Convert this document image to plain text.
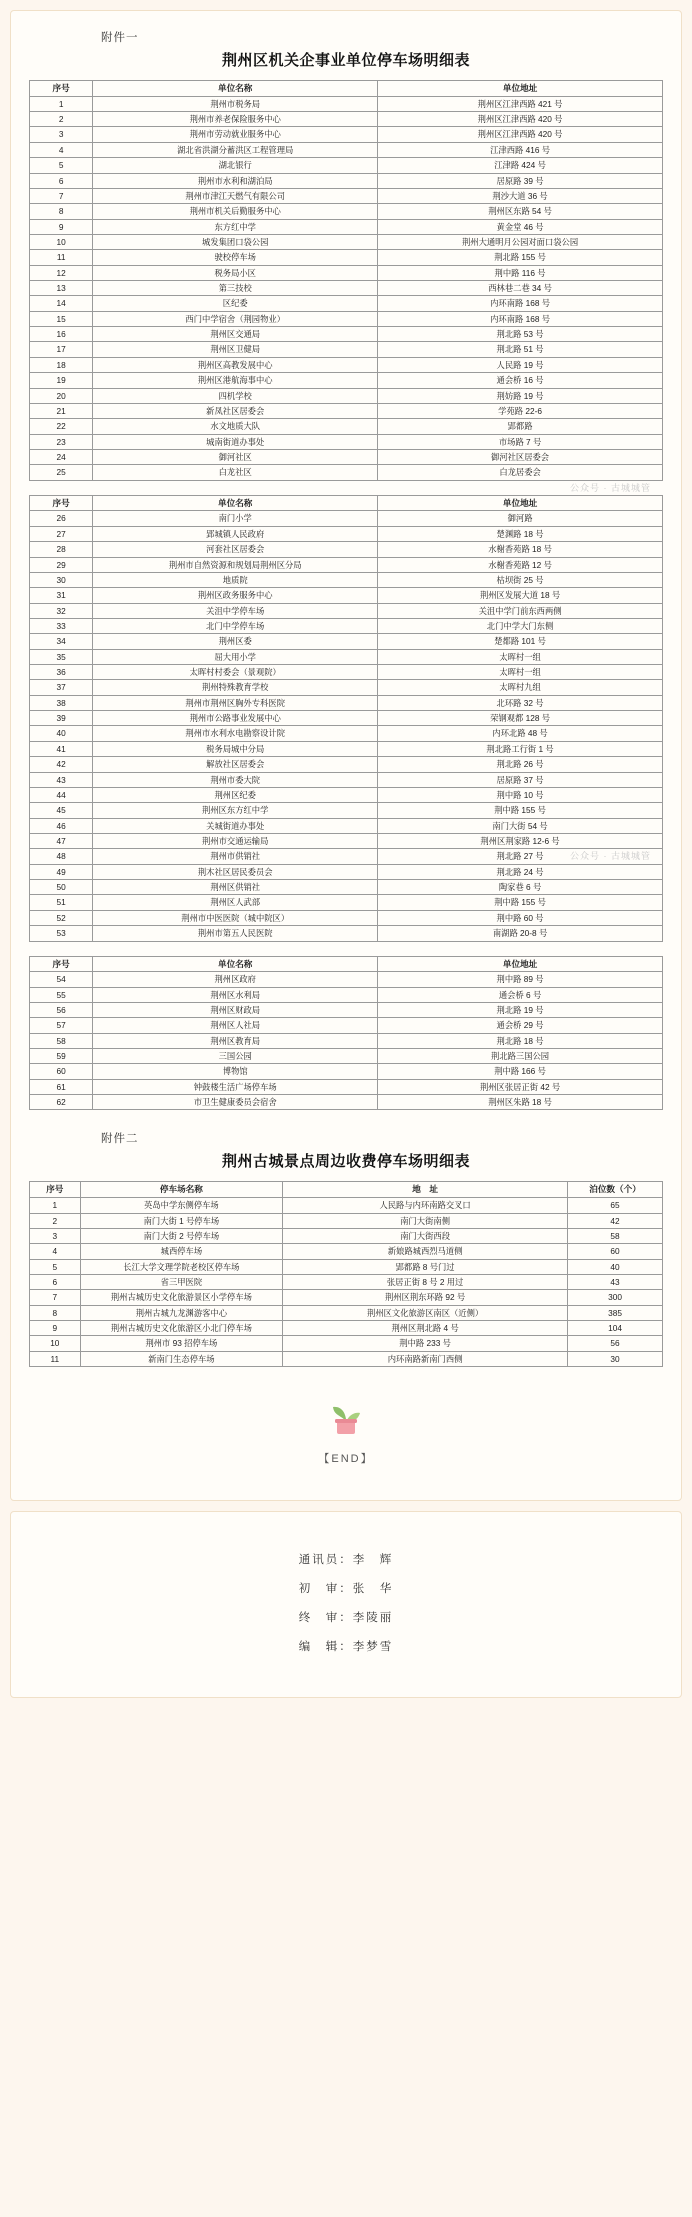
附件一
荆州区机关企事业单位停车场明细表
序号	单位名称	单位地址
1	荆州市税务局	荆州区江津西路 421 号
2	荆州市养老保险服务中心	荆州区江津西路 420 号
3	荆州市劳动就业服务中心	荆州区江津西路 420 号
4	湖北省洪湖分蓄洪区工程管理局	江津西路 416 号
5	湖北银行	江津路 424 号
6	荆州市水利和湖泊局	居原路 39 号
7	荆州市津江天燃气有限公司	荆沙大道 36 号
8	荆州市机关后勤服务中心	荆州区东路 54 号
9	东方红中学	黄金堂 46 号
10	城发集团口袋公园	荆州大通明月公园对面口袋公园
11	驶校停车场	荆北路 155 号
12	税务局小区	荆中路 116 号
13	第三技校	西林巷二巷 34 号
14	区纪委	内环南路 168 号
15	西门中学宿舍（荆园物业）	内环南路 168 号
16	荆州区交通局	荆北路 53 号
17	荆州区卫健局	荆北路 51 号
18	荆州区高教发展中心	人民路 19 号
19	荆州区港航海事中心	通会桥 16 号
20	四机学校	荆妨路 19 号
21	新凤社区居委会	学苑路 22-6
22	水文地质大队	郢都路
23	城南街道办事处	市场路 7 号
24	御河社区	御河社区居委会
25	白龙社区	白龙居委会
序号	单位名称	单位地址
26	南门小学	御河路
27	郢城镇人民政府	楚渊路 18 号
28	河套社区居委会	水榭香苑路 18 号
29	荆州市自然资源和规划局荆州区分局	水榭香苑路 12 号
30	地质院	枯坝街 25 号
31	荆州区政务服务中心	荆州区发展大道 18 号
32	关沮中学停车场	关沮中学门前东西两侧
33	北门中学停车场	北门中学大门东侧
34	荆州区委	楚都路 101 号
35	屈大用小学	太晖村一组
36	太晖村村委会（景观院）	太晖村一组
37	荆州特殊教育学校	太晖村九组
38	荆州市荆州区胸外专科医院	北环路 32 号
39	荆州市公路事业发展中心	荣钢观都 128 号
40	荆州市水利水电勘察设计院	内环北路 48 号
41	税务局城中分局	荆北路工行街 1 号
42	解放社区居委会	荆北路 26 号
43	荆州市委大院	居原路 37 号
44	荆州区纪委	荆中路 10 号
45	荆州区东方红中学	荆中路 155 号
46	关城街道办事处	南门大街 54 号
47	荆州市交通运输局	荆州区荆家路 12-6 号
48	荆州市供销社	荆北路 27 号
49	荆木社区居民委员会	荆北路 24 号
50	荆州区供销社	陶家巷 6 号
51	荆州区人武部	荆中路 155 号
52	荆州市中医医院（城中院区）	荆中路 60 号
53	荆州市第五人民医院	南湖路 20-8 号
序号	单位名称	单位地址
54	荆州区政府	荆中路 89 号
55	荆州区水利局	通会桥 6 号
56	荆州区财政局	荆北路 19 号
57	荆州区人社局	通会桥 29 号
58	荆州区教育局	荆北路 18 号
59	三国公园	荆北路三国公园
60	博物馆	荆中路 166 号
61	钟鼓楼生活广场停车场	荆州区张居正街 42 号
62	市卫生健康委员会宿舍	荆州区朱路 18 号
附件二
荆州古城景点周边收费停车场明细表
序号	停车场名称	地　址	泊位数（个）
1	英岛中学东侧停车场	人民路与内环南路交叉口	65
2	南门大街 1 号停车场	南门大街南侧	42
3	南门大街 2 号停车场	南门大街西段	58
4	城西停车场	新娘路城西烈马道侧	60
5	长江大学文理学院老校区停车场	郢都路 8 号门过	40
6	省三甲医院	张居正街 8 号 2 用过	43
7	荆州古城历史文化旅游景区小学停车场	荆州区荆东环路 92 号	300
8	荆州古城九龙渊游客中心	荆州区文化旅游区南区（近侧）	385
9	荆州古城历史文化旅游区小北门停车场	荆州区荆北路 4 号	104
10	荆州市 93 招停车场	荆中路 233 号	56
11	新南门生态停车场	内环南路新南门西侧	30
公众号 · 古城城管
公众号 · 古城城管
【END】
通讯员：李　辉
初　审：张　华
终　审：李陵丽
编　辑：李梦雪
